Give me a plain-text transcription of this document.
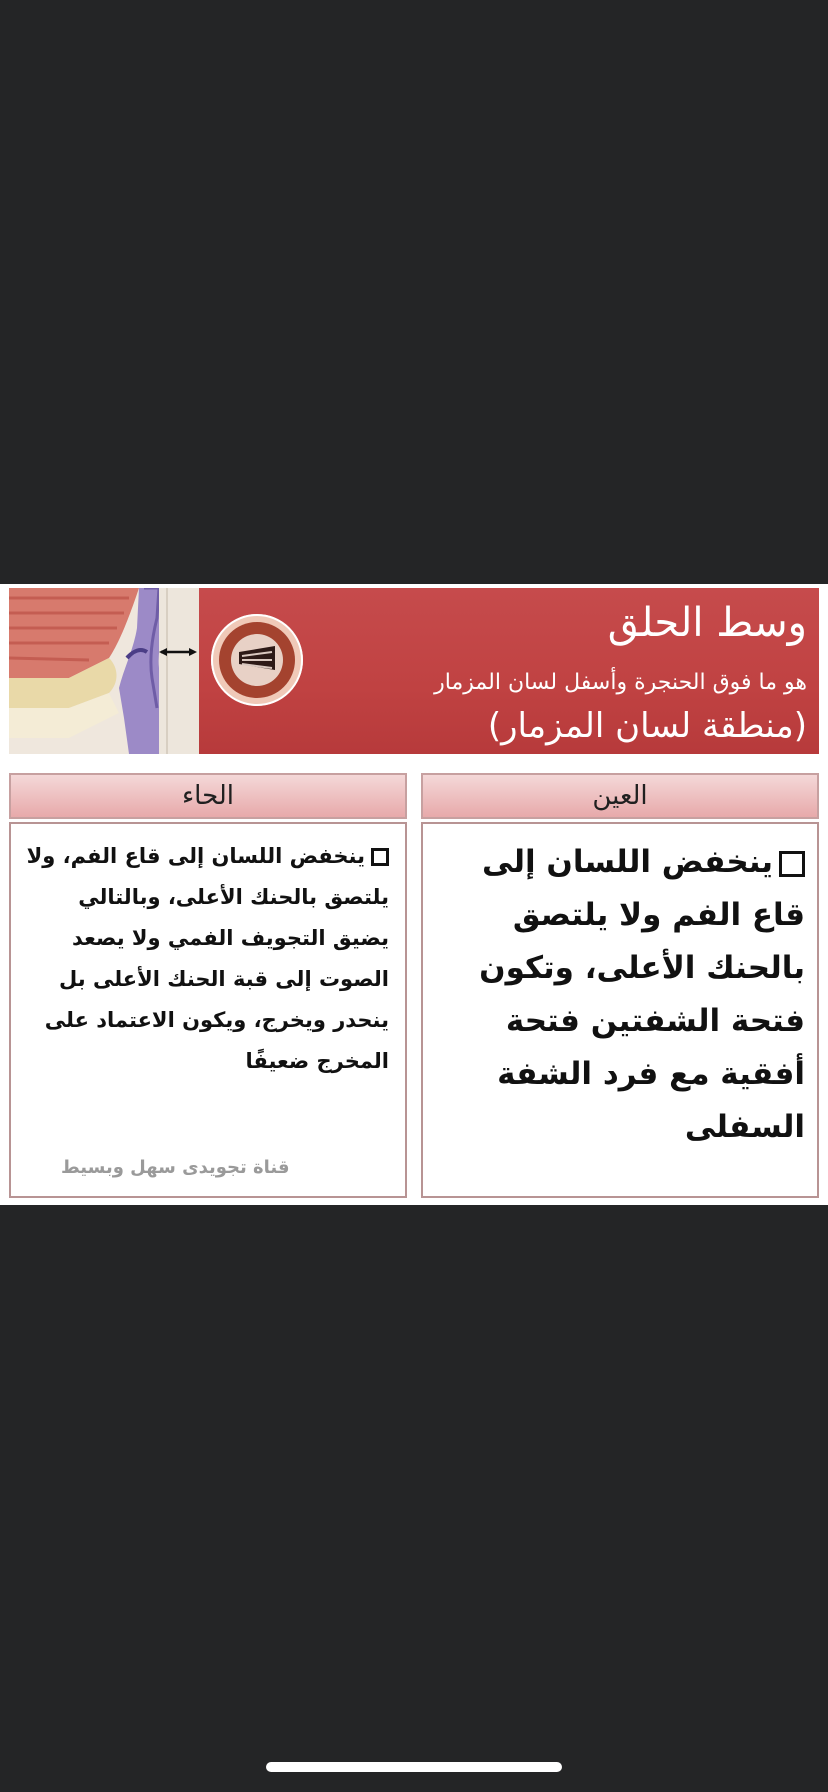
وسط الحلق

هو ما فوق الحنجرة وأسفل لسان المزمار

(منطقة لسان المزمار)

العين
الحاء

ينخفض اللسان إلى قاع الفم ولا يلتصق بالحنك الأعلى، وتكون فتحة الشفتين فتحة أفقية مع فرد الشفة السفلى

ينخفض اللسان إلى قاع الفم، ولا يلتصق بالحنك الأعلى، وبالتالي يضيق التجويف الفمي ولا يصعد الصوت إلى قبة الحنك الأعلى بل ينحدر ويخرج، ويكون الاعتماد على المخرج ضعيفًا

قناة تجويدى سهل وبسيط
